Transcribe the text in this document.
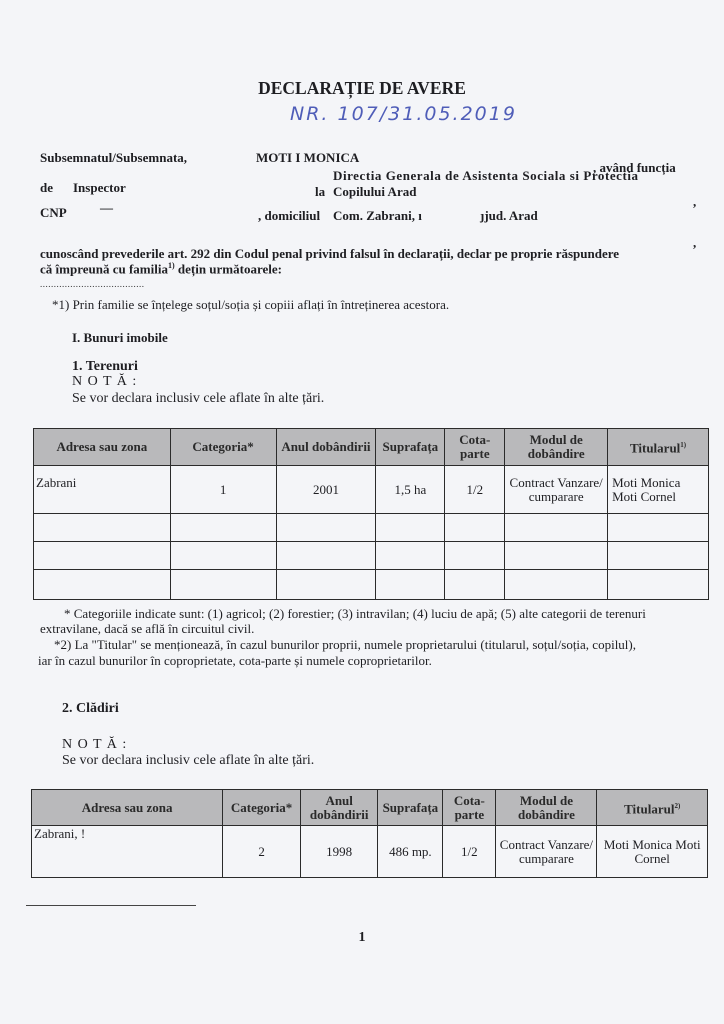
DECLARAȚIE DE AVERE
NR. 107/31.05.2019
Subsemnatul/Subsemnata,	MOTI I MONICA
, având funcția
de Inspector
Directia Generala de Asistenta Sociala si Protectia
la Copilului Arad
,
CNP	—
, domiciliul Com. Zabrani, ı	ȷjud. Arad
,
cunoscând prevederile art. 292 din Codul penal privind falsul în declarații, declar pe proprie răspundere
că împreună cu familia$^{1)}$ dețin următoarele:
......................................
*1) Prin familie se înțelege soțul/soția și copiii aflați în întreținerea acestora.
I. Bunuri imobile
1. Terenuri
N O T Ă :
Se vor declara inclusiv cele aflate în alte țări.
Adresa sau zona	Categoria*	Anul dobândirii	Suprafața	Cota-parte	Modul de dobândire	Titularul$^{1)}$
Zabrani	1	2001	1,5 ha	1/2	Contract Vanzare/ cumparare	Moti Monica Moti Cornel

* Categoriile indicate sunt: (1) agricol; (2) forestier; (3) intravilan; (4) luciu de apă; (5) alte categorii de terenuri
extravilane, dacă se află în circuitul civil.
*2) La "Titular" se menționează, în cazul bunurilor proprii, numele proprietarului (titularul, soțul/soția, copilul),
iar în cazul bunurilor în coproprietate, cota-parte și numele coproprietarilor.
2. Clădiri
N O T Ă :
Se vor declara inclusiv cele aflate în alte țări.
Adresa sau zona	Categoria*	Anul dobândirii	Suprafața	Cota-parte	Modul de dobândire	Titularul$^{2)}$
Zabrani, !	2	1998	486 mp.	1/2	Contract Vanzare/ cumparare	Moti Monica Moti Cornel
1
